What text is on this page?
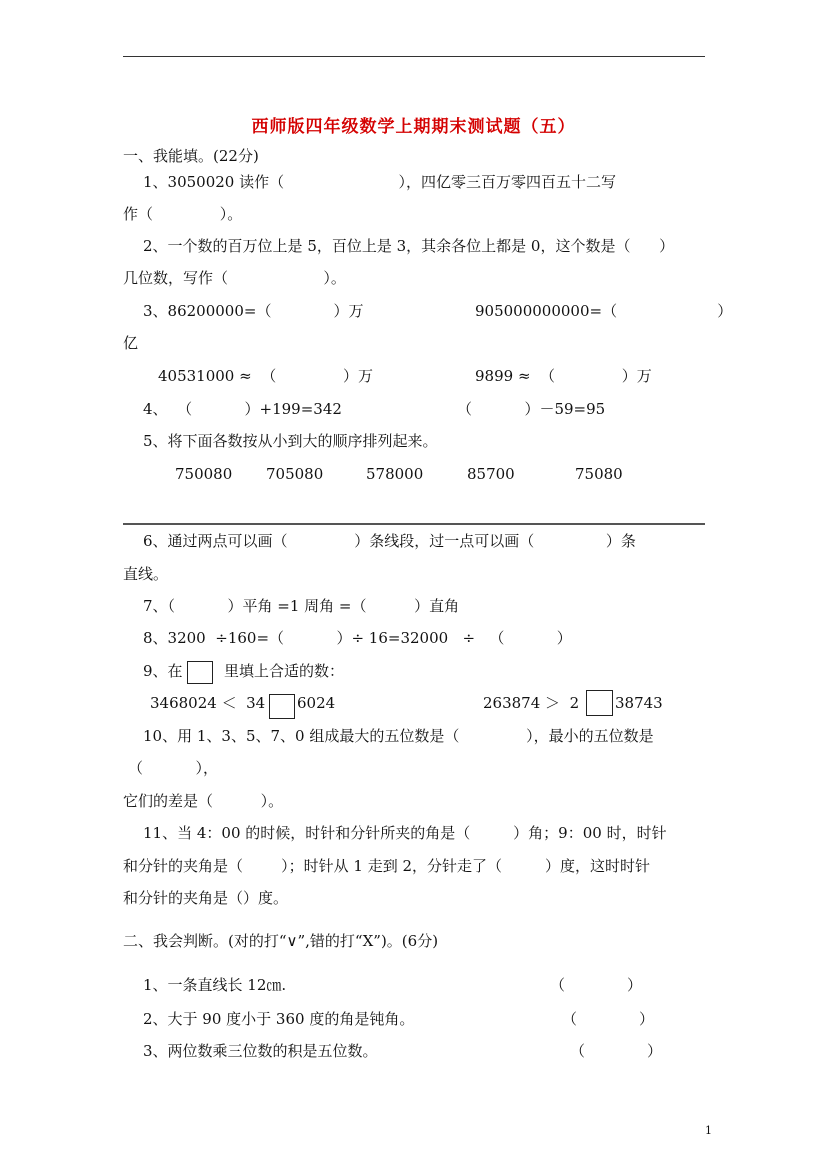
西师版四年级数学上期期末测试题（五）
一、我能填。(22分)
1、3050020 读作（                        ），四亿零三百万零四百五十二写
作（              ）。
2、一个数的百万位上是 5，百位上是 3，其余各位上都是 0，这个数是（      ）
几位数，写作（                    ）。
3、86200000=（             ）万	905000000000=（                     ）
亿
40531000 ≈  （              ）万	9899 ≈  （              ）万
4、  （           ）+199=342	（           ）－59=95
5、将下面各数按从小到大的顺序排列起来。
750080 705080	578000	85700	75080
6、通过两点可以画（              ）条线段，过一点可以画（               ）条
直线。
7、（           ）平角 =1 周角 =（          ）直角
8、3200  ÷160=（           ）÷ 16=32000   ÷   （           ）
9、在	里填上合适的数：
3468024 ＜  34 6024	263874 ＞  2 38743
10、用 1、3、5、7、0 组成最大的五位数是（              ），最小的五位数是
（           ），
它们的差是（          ）。
11、当 4：00 的时候，时针和分针所夹的角是（         ）角；9：00 时，时针
和分针的夹角是（        ）；时针从 1 走到 2，分针走了（         ）度，这时时针
和分针的夹角是（）度。
二、我会判断。(对的打“∨”,错的打“X”)。(6分)
1、一条直线长 12㎝.	（             ）
2、大于 90 度小于 360 度的角是钝角。	（             ）
3、两位数乘三位数的积是五位数。	（             ）
1
